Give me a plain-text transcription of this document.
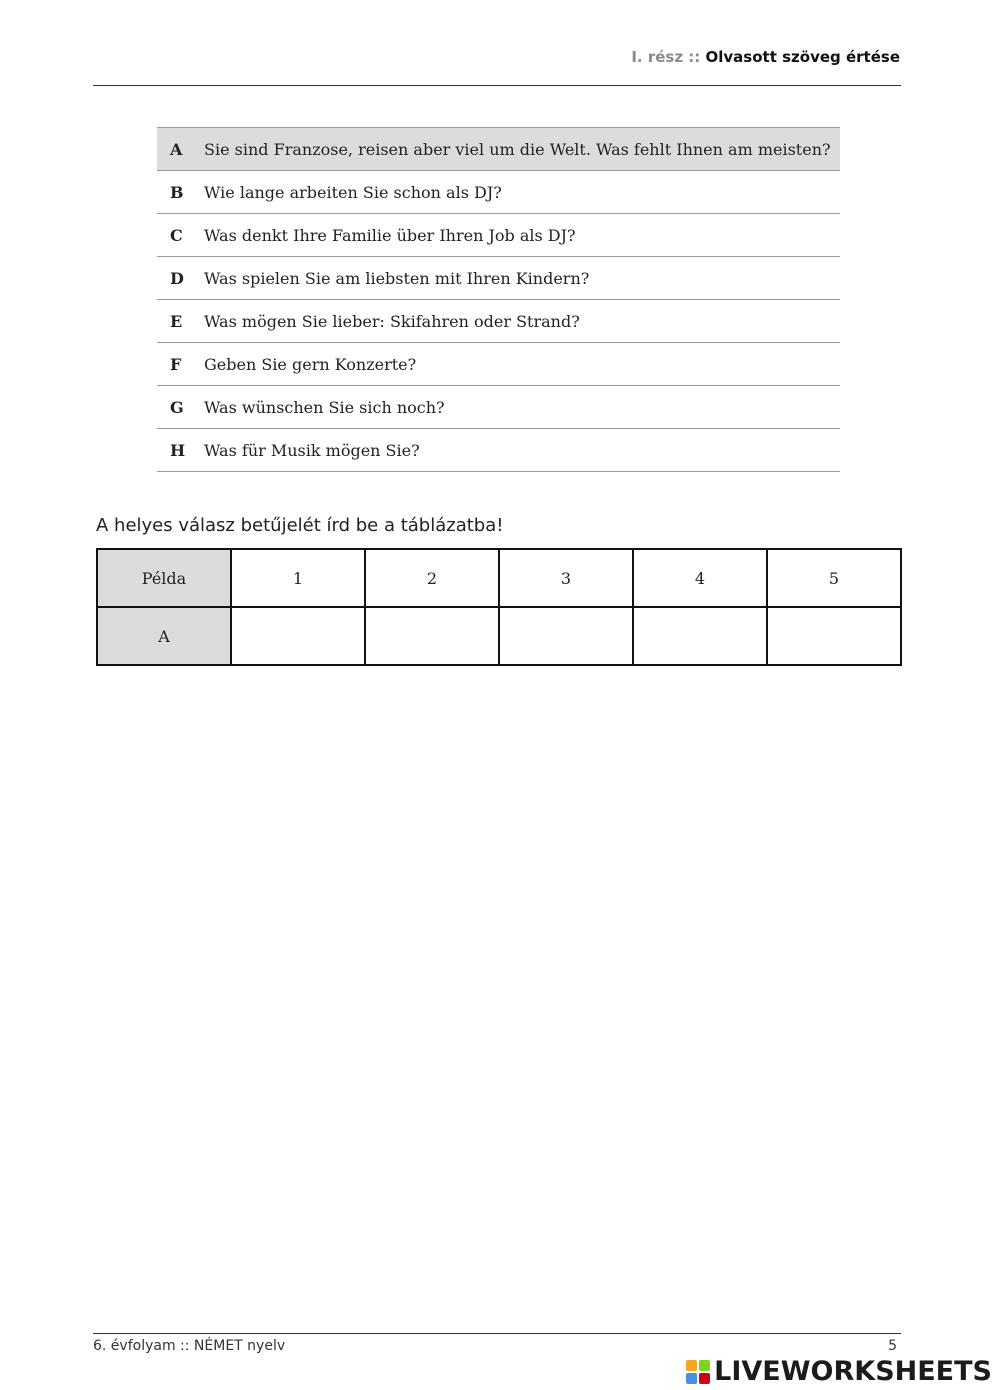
I. rész :: Olvasott szöveg értése
A	Sie sind Franzose, reisen aber viel um die Welt. Was fehlt Ihnen am meisten?
B	Wie lange arbeiten Sie schon als DJ?
C	Was denkt Ihre Familie über Ihren Job als DJ?
D	Was spielen Sie am liebsten mit Ihren Kindern?
E	Was mögen Sie lieber: Skifahren oder Strand?
F	Geben Sie gern Konzerte?
G	Was wünschen Sie sich noch?
H	Was für Musik mögen Sie?
A helyes válasz betűjelét írd be a táblázatba!
Példa	1	2	3	4	5
A					
6. évfolyam :: NÉMET nyelv	5
LIVEWORKSHEETS
